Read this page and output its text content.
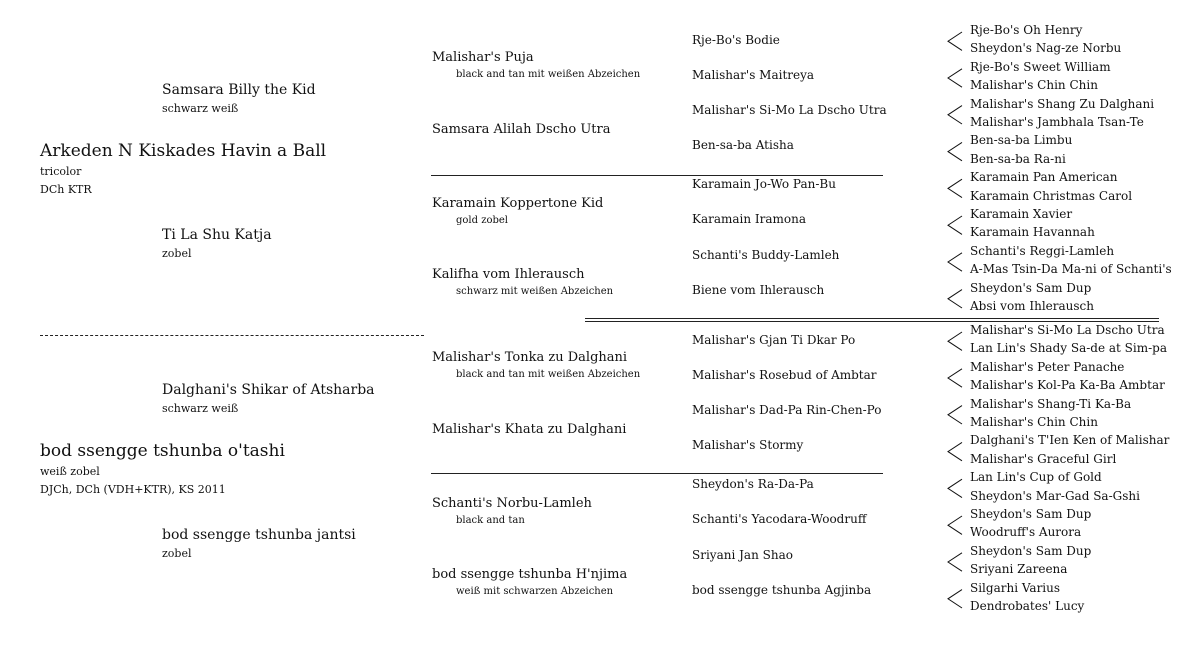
Arkeden N Kiskades Havin a Ball
tricolor
DCh KTR
Samsara Billy the Kid
schwarz weiß
Ti La Shu Katja
zobel
Malishar's Puja
black and tan mit weißen Abzeichen
Rje-Bo's Bodie
Malishar's Maitreya
Samsara Alilah Dscho Utra
Malishar's Si-Mo La Dscho Utra
Ben-sa-ba Atisha
Karamain Koppertone Kid
gold zobel
Karamain Jo-Wo Pan-Bu
Karamain Iramona
Kalifha vom Ihlerausch
schwarz mit weißen Abzeichen
Schanti's Buddy-Lamleh
Biene vom Ihlerausch
Rje-Bo's Oh Henry
Sheydon's Nag-ze Norbu
Rje-Bo's Sweet William
Malishar's Chin Chin
Malishar's Shang Zu Dalghani
Malishar's Jambhala Tsan-Te
Ben-sa-ba Limbu
Ben-sa-ba Ra-ni
Karamain Pan American
Karamain Christmas Carol
Karamain Xavier
Karamain Havannah
Schanti's Reggi-Lamleh
A-Mas Tsin-Da Ma-ni of Schanti's
Sheydon's Sam Dup
Absi vom Ihlerausch
bod ssengge tshunba o'tashi
weiß zobel
DJCh, DCh (VDH+KTR), KS 2011
Dalghani's Shikar of Atsharba
schwarz weiß
bod ssengge tshunba jantsi
zobel
Malishar's Tonka zu Dalghani
black and tan mit weißen Abzeichen
Malishar's Gjan Ti Dkar Po
Malishar's Rosebud of Ambtar
Malishar's Khata zu Dalghani
Malishar's Dad-Pa Rin-Chen-Po
Malishar's Stormy
Schanti's Norbu-Lamleh
black and tan
Sheydon's Ra-Da-Pa
Schanti's Yacodara-Woodruff
bod ssengge tshunba H'njima
weiß mit schwarzen Abzeichen
Sriyani Jan Shao
bod ssengge tshunba Agjinba
Malishar's Si-Mo La Dscho Utra
Lan Lin's Shady Sa-de at Sim-pa
Malishar's Peter Panache
Malishar's Kol-Pa Ka-Ba Ambtar
Malishar's Shang-Ti Ka-Ba
Malishar's Chin Chin
Dalghani's T'Ien Ken of Malishar
Malishar's Graceful Girl
Lan Lin's Cup of Gold
Sheydon's Mar-Gad Sa-Gshi
Sheydon's Sam Dup
Woodruff's Aurora
Sheydon's Sam Dup
Sriyani Zareena
Silgarhi Varius
Dendrobates' Lucy
